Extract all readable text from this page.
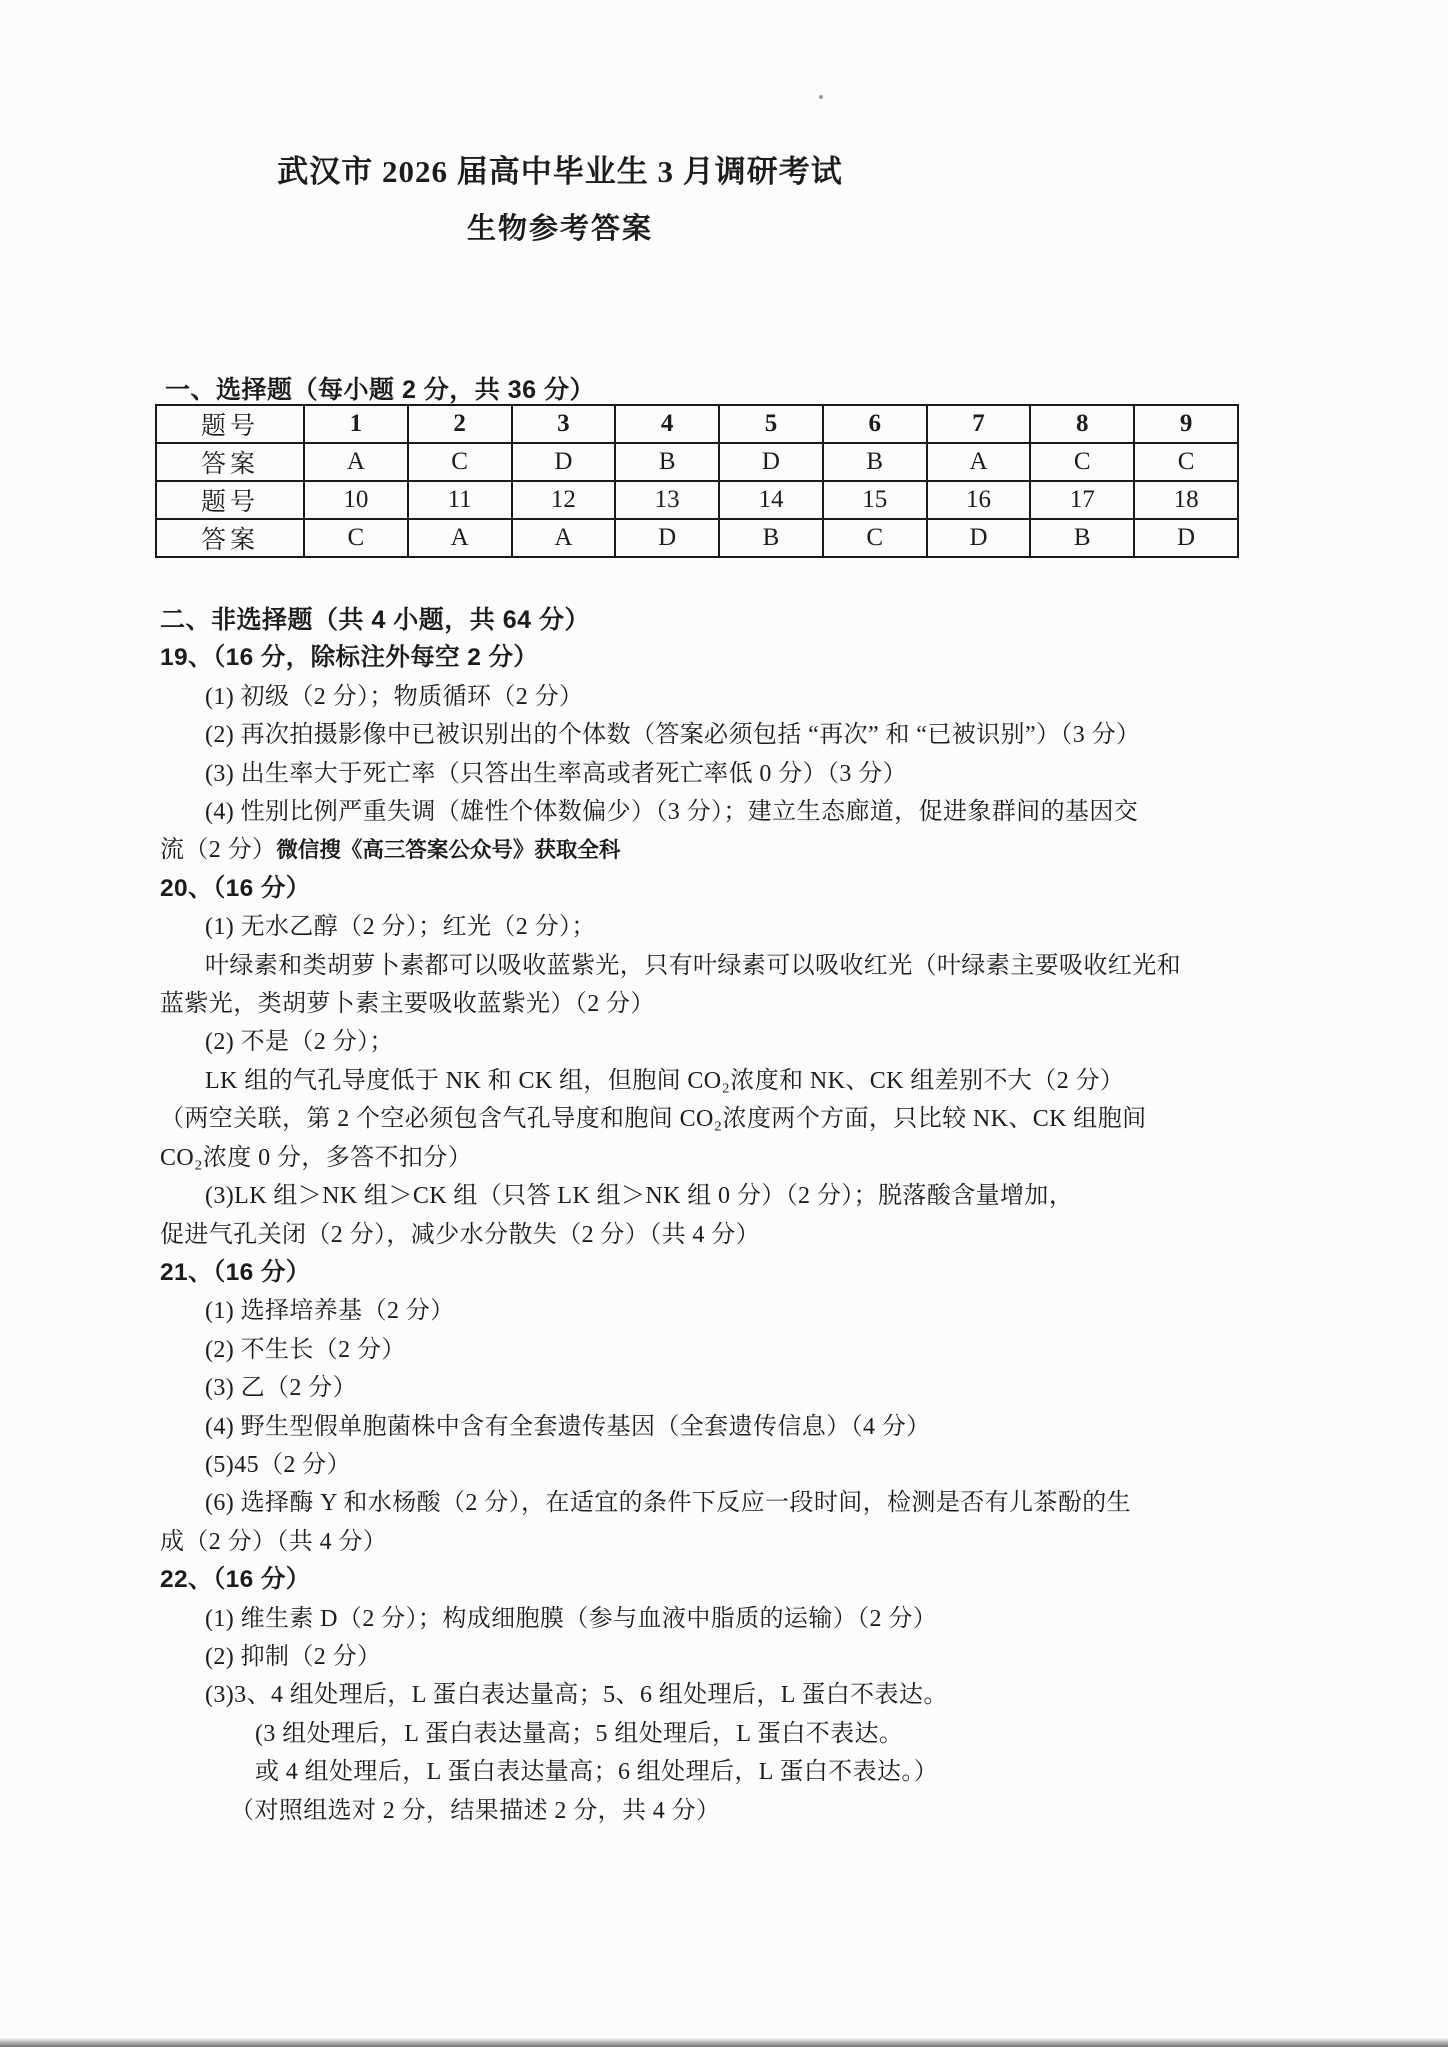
武汉市 2026 届高中毕业生 3 月调研考试
生物参考答案
一、选择题（每小题 2 分，共 36 分）
题号	1	2	3	4	5	6	7	8	9
答案	A	C	D	B	D	B	A	C	C
题号	10	11	12	13	14	15	16	17	18
答案	C	A	A	D	B	C	D	B	D
二、非选择题（共 4 小题，共 64 分）
19、（16 分，除标注外每空 2 分）
(1) 初级（2 分）；物质循环（2 分）
(2) 再次拍摄影像中已被识别出的个体数（答案必须包括 “再次” 和 “已被识别”）（3 分）
(3) 出生率大于死亡率（只答出生率高或者死亡率低 0 分）（3 分）
(4) 性别比例严重失调（雄性个体数偏少）（3 分）；建立生态廊道，促进象群间的基因交
流（2 分）微信搜《高三答案公众号》获取全科
20、（16 分）
(1) 无水乙醇（2 分）；红光（2 分）；
叶绿素和类胡萝卜素都可以吸收蓝紫光，只有叶绿素可以吸收红光（叶绿素主要吸收红光和
蓝紫光，类胡萝卜素主要吸收蓝紫光）（2 分）
(2) 不是（2 分）；
LK 组的气孔导度低于 NK 和 CK 组，但胞间 CO₂浓度和 NK、CK 组差别不大（2 分）
（两空关联，第 2 个空必须包含气孔导度和胞间 CO₂浓度两个方面，只比较 NK、CK 组胞间
CO₂浓度 0 分，多答不扣分）
(3)LK 组＞NK 组＞CK 组（只答 LK 组＞NK 组 0 分）（2 分）；脱落酸含量增加，
促进气孔关闭（2 分），减少水分散失（2 分）（共 4 分）
21、（16 分）
(1) 选择培养基（2 分）
(2) 不生长（2 分）
(3) 乙（2 分）
(4) 野生型假单胞菌株中含有全套遗传基因（全套遗传信息）（4 分）
(5)45（2 分）
(6) 选择酶 Y 和水杨酸（2 分），在适宜的条件下反应一段时间，检测是否有儿茶酚的生
成（2 分）（共 4 分）
22、（16 分）
(1) 维生素 D（2 分）；构成细胞膜（参与血液中脂质的运输）（2 分）
(2) 抑制（2 分）
(3)3、4 组处理后，L 蛋白表达量高；5、6 组处理后，L 蛋白不表达。
(3 组处理后，L 蛋白表达量高；5 组处理后，L 蛋白不表达。
或 4 组处理后，L 蛋白表达量高；6 组处理后，L 蛋白不表达。）
（对照组选对 2 分，结果描述 2 分，共 4 分）
